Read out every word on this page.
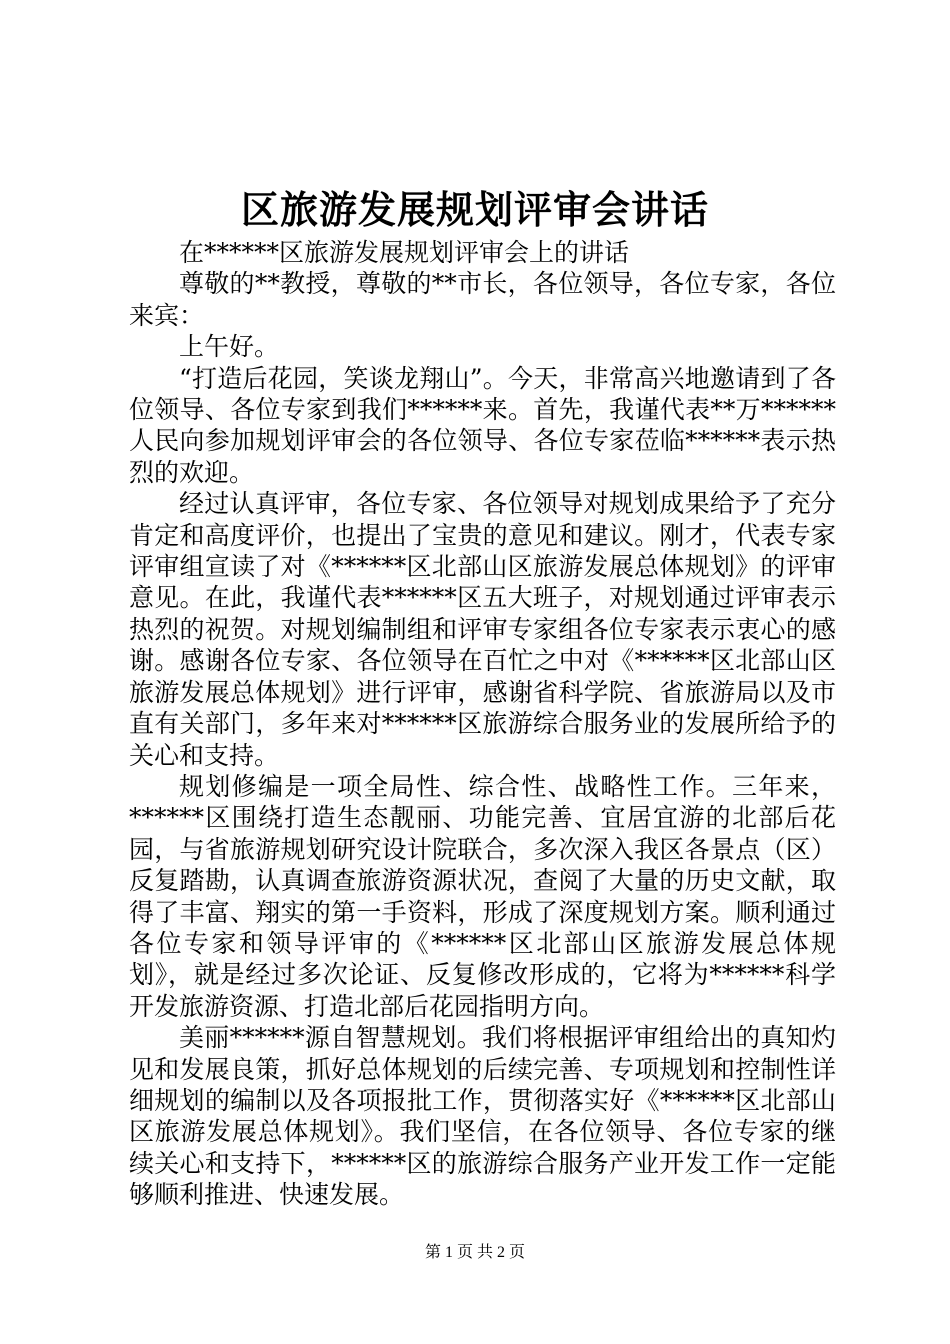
区旅游发展规划评审会讲话

在******区旅游发展规划评审会上的讲话

尊敬的**教授，尊敬的**市长，各位领导，各位专家，各位来宾：

上午好。

“打造后花园，笑谈龙翔山”。今天，非常高兴地邀请到了各位领导、各位专家到我们******来。首先，我谨代表**万******人民向参加规划评审会的各位领导、各位专家莅临******表示热烈的欢迎。

经过认真评审，各位专家、各位领导对规划成果给予了充分肯定和高度评价，也提出了宝贵的意见和建议。刚才，代表专家评审组宣读了对《******区北部山区旅游发展总体规划》的评审意见。在此，我谨代表******区五大班子，对规划通过评审表示热烈的祝贺。对规划编制组和评审专家组各位专家表示衷心的感谢。感谢各位专家、各位领导在百忙之中对《******区北部山区旅游发展总体规划》进行评审，感谢省科学院、省旅游局以及市直有关部门，多年来对******区旅游综合服务业的发展所给予的关心和支持。

规划修编是一项全局性、综合性、战略性工作。三年来，******区围绕打造生态靓丽、功能完善、宜居宜游的北部后花园，与省旅游规划研究设计院联合，多次深入我区各景点（区）反复踏勘，认真调查旅游资源状况，查阅了大量的历史文献，取得了丰富、翔实的第一手资料，形成了深度规划方案。顺利通过各位专家和领导评审的《******区北部山区旅游发展总体规划》，就是经过多次论证、反复修改形成的，它将为******科学开发旅游资源、打造北部后花园指明方向。

美丽******源自智慧规划。我们将根据评审组给出的真知灼见和发展良策，抓好总体规划的后续完善、专项规划和控制性详细规划的编制以及各项报批工作，贯彻落实好《******区北部山区旅游发展总体规划》。我们坚信，在各位领导、各位专家的继续关心和支持下，******区的旅游综合服务产业开发工作一定能够顺利推进、快速发展。

第 1 页 共 2 页
